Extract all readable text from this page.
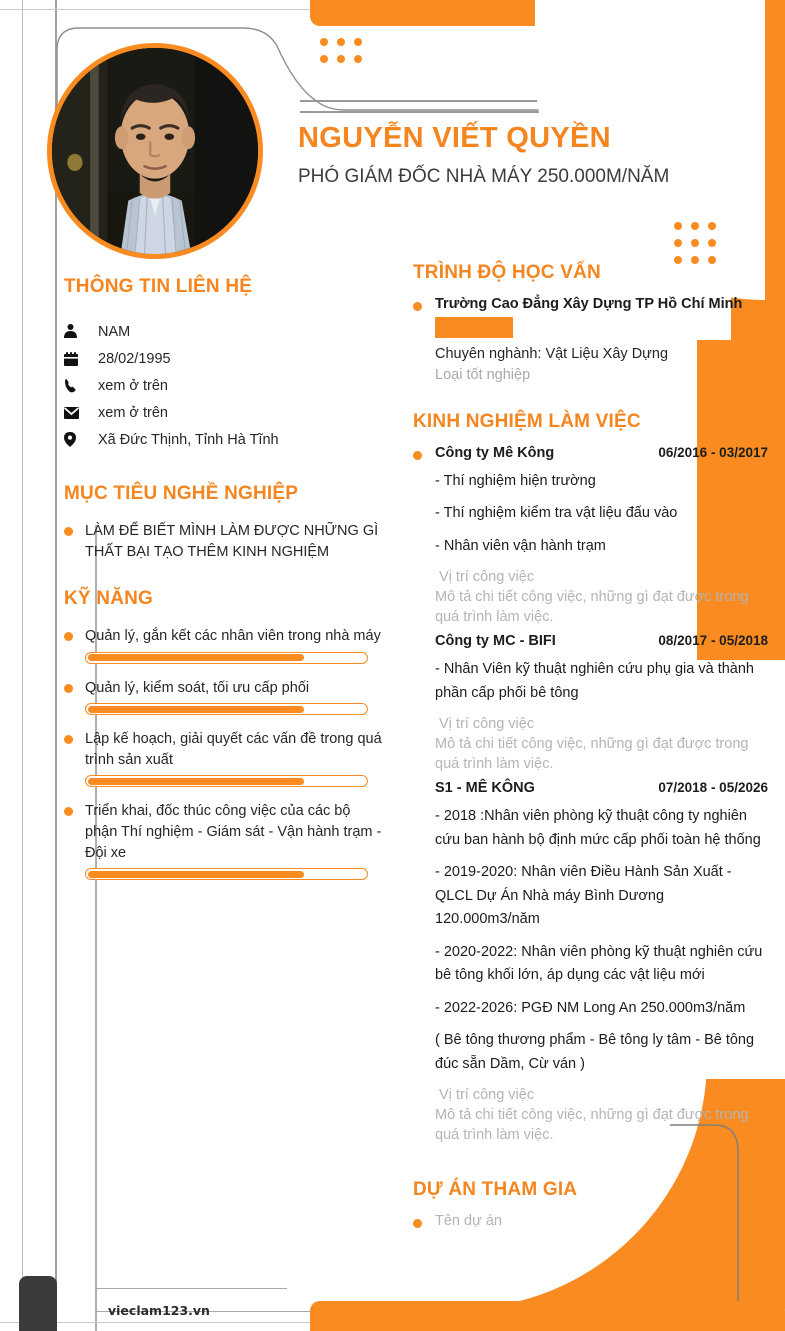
NGUYỄN VIẾT QUYỀN
PHÓ GIÁM ĐỐC NHÀ MÁY 250.000M/NĂM
THÔNG TIN LIÊN HỆ
NAM
28/02/1995
xem ở trên
xem ở trên
Xã Đức Thịnh, Tỉnh Hà Tĩnh
MỤC TIÊU NGHỀ NGHIỆP
LÀM ĐỂ BIẾT MÌNH LÀM ĐƯỢC NHỮNG GÌ THẤT BẠI TẠO THÊM KINH NGHIỆM
KỸ NĂNG
Quản lý, gắn kết các nhân viên trong nhà máy
Quản lý, kiểm soát, tối ưu cấp phối
Lập kế hoạch, giải quyết các vấn đề trong quá trình sản xuất
Triển khai, đốc thúc công việc của các bộ phận Thí nghiệm - Giám sát - Vận hành trạm - Đội xe
TRÌNH ĐỘ HỌC VẤN
Trường Cao Đẳng Xây Dựng TP Hồ Chí Minh
Chuyên nghành: Vật Liệu Xây Dựng
Loại tốt nghiệp
KINH NGHIỆM LÀM VIỆC
Công ty Mê Kông	06/2016 - 03/2017
- Thí nghiệm hiện trường
- Thí nghiệm kiểm tra vật liệu đấu vào
- Nhân viên vận hành trạm
Vị trí công việc
Mô tả chi tiết công việc, những gì đạt được trong quá trình làm việc.
Công ty MC - BIFI	08/2017 - 05/2018
- Nhân Viên kỹ thuật nghiên cứu phụ gia và thành phần cấp phối bê tông
Vị trí công việc
Mô tả chi tiết công việc, những gì đạt được trong quá trình làm việc.
S1 - MÊ KÔNG	07/2018 - 05/2026
- 2018 :Nhân viên phòng kỹ thuật công ty nghiên cứu ban hành bộ định mức cấp phối toàn hệ thống
- 2019-2020: Nhân viên Điều Hành Sản Xuất - QLCL Dự Án Nhà máy Bình Dương 120.000m3/năm
- 2020-2022: Nhân viên phòng kỹ thuật nghiên cứu bê tông khối lớn, áp dụng các vật liệu mới
- 2022-2026: PGĐ NM Long An 250.000m3/năm
( Bê tông thương phẩm - Bê tông ly tâm - Bê tông đúc sẵn Dầm, Cừ ván )
Vị trí công việc
Mô tả chi tiết công việc, những gì đạt được trong quá trình làm việc.
DỰ ÁN THAM GIA
Tên dự án
vieclam123.vn
